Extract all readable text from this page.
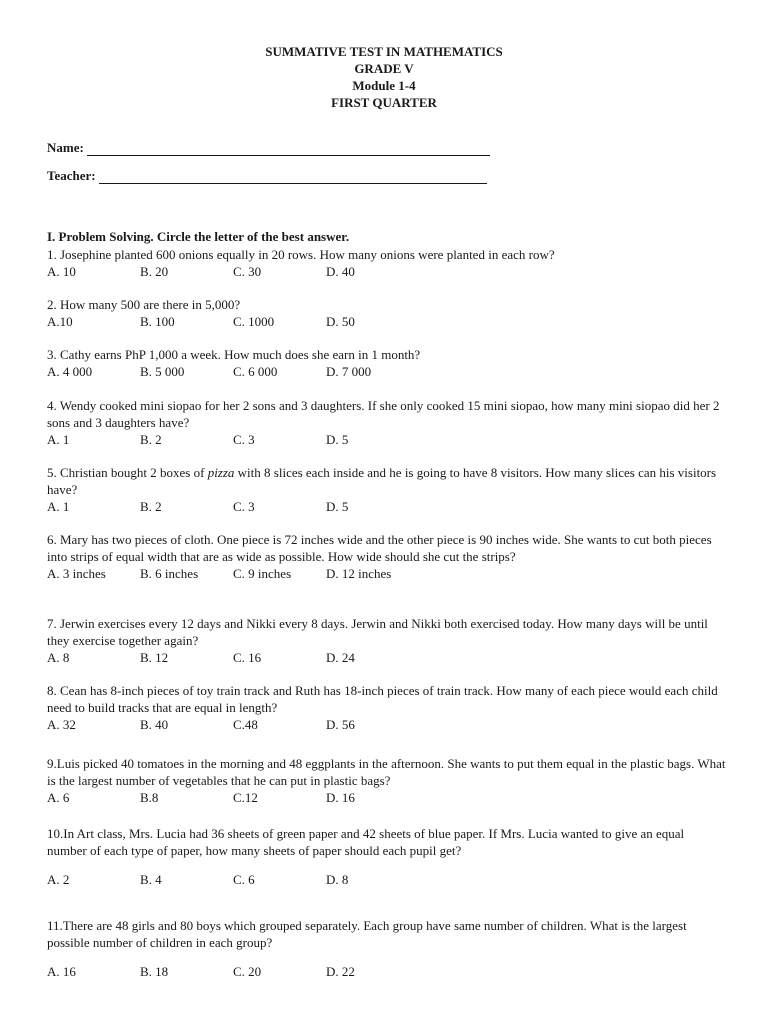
SUMMATIVE TEST IN MATHEMATICS
GRADE V
Module 1-4
FIRST QUARTER
Name:
Teacher:
I. Problem Solving. Circle the letter of the best answer.
1. Josephine planted 600 onions equally in 20 rows. How many onions were planted in each row?
A. 10	B. 20	C. 30	D. 40
2. How many 500 are there in 5,000?
A.10	B. 100	C. 1000	D. 50
3. Cathy earns PhP 1,000 a week. How much does she earn in 1 month?
A. 4 000	B. 5 000	C. 6 000	D. 7 000
4. Wendy cooked mini siopao for her 2 sons and 3 daughters. If she only cooked 15 mini siopao, how many mini siopao did her 2 sons and 3 daughters have?
A. 1	B. 2	C. 3	D. 5
5. Christian bought 2 boxes of pizza with 8 slices each inside and he is going to have 8 visitors. How many slices can his visitors have?
A. 1	B. 2	C. 3	D. 5
6. Mary has two pieces of cloth. One piece is 72 inches wide and the other piece is 90 inches wide. She wants to cut both pieces into strips of equal width that are as wide as possible. How wide should she cut the strips?
A. 3 inches	B. 6 inches	C. 9 inches	D. 12 inches
7. Jerwin exercises every 12 days and Nikki every 8 days. Jerwin and Nikki both exercised today. How many days will be until they exercise together again?
A. 8	B. 12	C. 16	D. 24
8. Cean has 8-inch pieces of toy train track and Ruth has 18-inch pieces of train track. How many of each piece would each child need to build tracks that are equal in length?
A. 32	B. 40	C.48	D. 56
9.Luis picked 40 tomatoes in the morning and 48 eggplants in the afternoon. She wants to put them equal in the plastic bags. What is the largest number of vegetables that he can put in plastic bags?
A. 6	B.8	C.12	D. 16
10.In Art class, Mrs. Lucia had 36 sheets of green paper and 42 sheets of blue paper. If Mrs. Lucia wanted to give an equal number of each type of paper, how many sheets of paper should each pupil get?
A. 2	B. 4	C. 6	D. 8
11.There are 48 girls and 80 boys which grouped separately. Each group have same number of children. What is the largest possible number of children in each group?
A. 16	B. 18	C. 20	D. 22
